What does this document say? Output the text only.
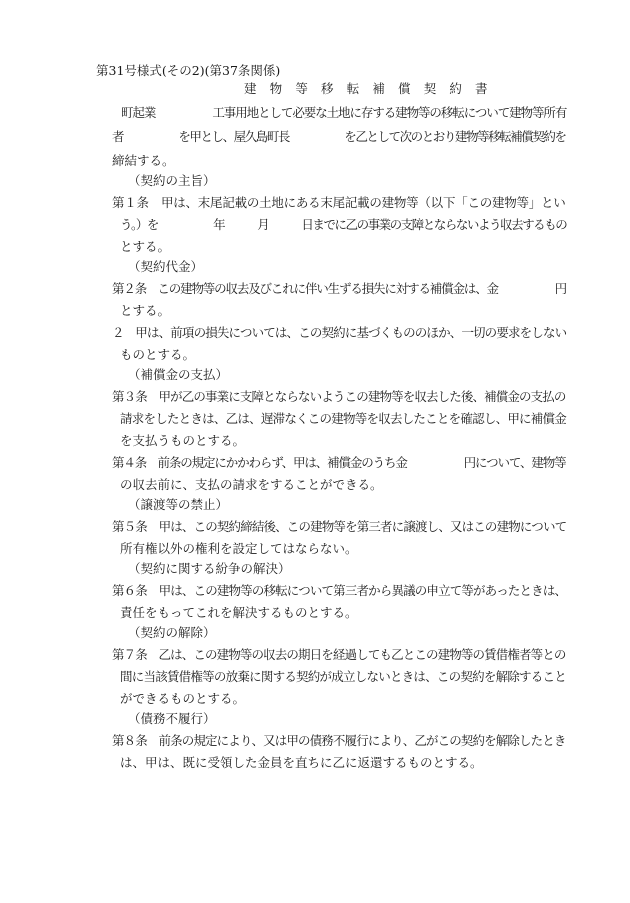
第31号様式(その2)(第37条関係)
建 物 等 移 転 補 償 契 約 書
町起業　　　　　工事用地として必要な土地に存する建物等の移転について建物等所有
者　　　　　を甲とし、屋久島町長　　　　　を乙として次のとおり建物等移転補償契約を
締結する。
（契約の主旨）
第１条　甲は、末尾記載の土地にある末尾記載の建物等（以下「この建物等」とい
う。）を　　　　　年　　　月　　　日までに乙の事業の支障とならないよう収去するもの
とする。
（契約代金）
第２条　この建物等の収去及びこれに伴い生ずる損失に対する補償金は、金　　　　　円
とする。
２　甲は、前項の損失については、この契約に基づくもののほか、一切の要求をしない
ものとする。
（補償金の支払）
第３条　甲が乙の事業に支障とならないようこの建物等を収去した後、補償金の支払の
請求をしたときは、乙は、遅滞なくこの建物等を収去したことを確認し、甲に補償金
を支払うものとする。
第４条　前条の規定にかかわらず、甲は、補償金のうち金　　　　　円について、建物等
の収去前に、支払の請求をすることができる。
（譲渡等の禁止）
第５条　甲は、この契約締結後、この建物等を第三者に譲渡し、又はこの建物について
所有権以外の権利を設定してはならない。
（契約に関する紛争の解決）
第６条　甲は、この建物等の移転について第三者から異議の申立て等があったときは、
責任をもってこれを解決するものとする。
（契約の解除）
第７条　乙は、この建物等の収去の期日を経過しても乙とこの建物等の賃借権者等との
間に当該賃借権等の放棄に関する契約が成立しないときは、この契約を解除すること
ができるものとする。
（債務不履行）
第８条　前条の規定により、又は甲の債務不履行により、乙がこの契約を解除したとき
は、甲は、既に受領した金員を直ちに乙に返還するものとする。
